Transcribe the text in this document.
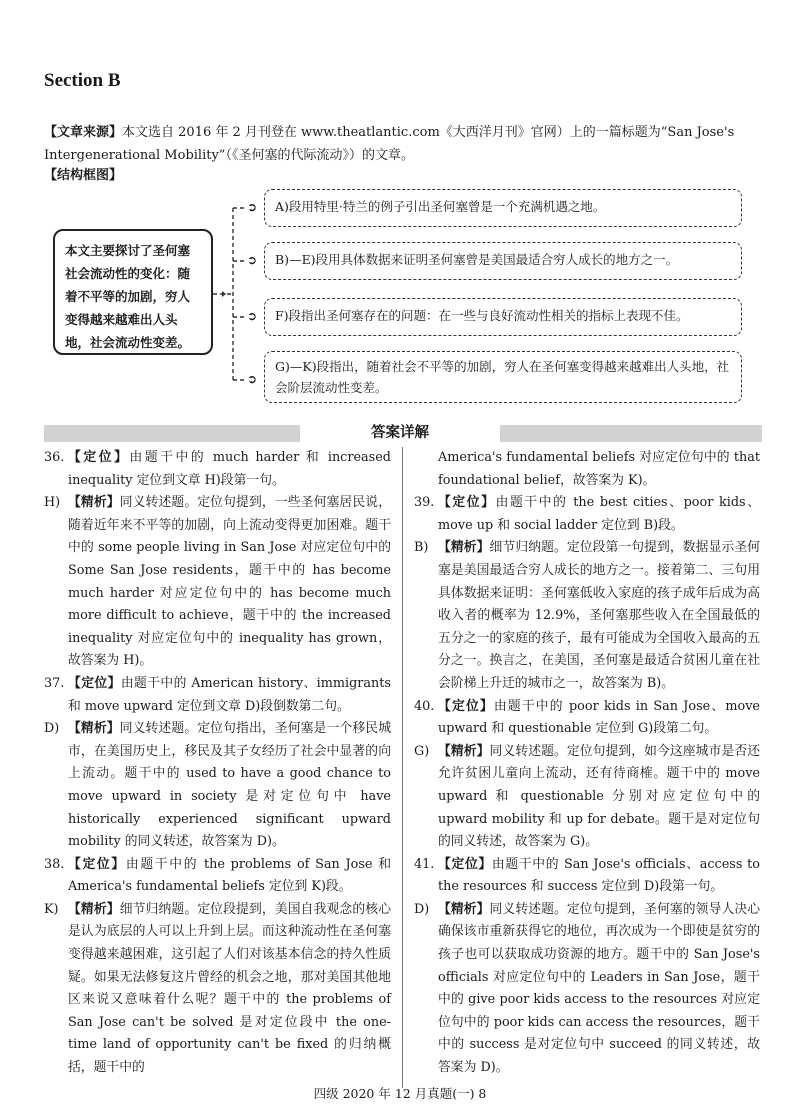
Section B
【文章来源】本文选自 2016 年 2 月刊登在 www.theatlantic.com《大西洋月刊》官网）上的一篇标题为“San Jose's Intergenerational Mobility”（《圣何塞的代际流动》）的文章。
【结构框图】
➲
➲
➲
➲
本文主要探讨了圣何塞社会流动性的变化：随着不平等的加剧，穷人变得越来越难出人头地，社会流动性变差。
A)段用特里·特兰的例子引出圣何塞曾是一个充满机遇之地。
B)—E)段用具体数据来证明圣何塞曾是美国最适合穷人成长的地方之一。
F)段指出圣何塞存在的问题：在一些与良好流动性相关的指标上表现不佳。
G)—K)段指出，随着社会不平等的加剧，穷人在圣何塞变得越来越难出人头地，社会阶层流动性变差。
答案详解

36. 【定位】由题干中的 much harder 和 increased inequality 定位到文章 H)段第一句。

H) 【精析】同义转述题。定位句提到，一些圣何塞居民说，随着近年来不平等的加剧，向上流动变得更加困难。题干中的 some people living in San Jose 对应定位句中的 Some San Jose residents，题干中的 has become much harder 对应定位句中的 has become much more difficult to achieve，题干中的 the increased inequality 对应定位句中的 inequality has grown，故答案为 H)。

37. 【定位】由题干中的 American history、immigrants 和 move upward 定位到文章 D)段倒数第二句。

D) 【精析】同义转述题。定位句指出，圣何塞是一个移民城市，在美国历史上，移民及其子女经历了社会中显著的向上流动。题干中的 used to have a good chance to move upward in society 是对定位句中 have historically experienced significant upward mobility 的同义转述，故答案为 D)。

38. 【定位】由题干中的 the problems of San Jose 和 America's fundamental beliefs 定位到 K)段。

K) 【精析】细节归纳题。定位段提到，美国自我观念的核心是认为底层的人可以上升到上层。而这种流动性在圣何塞变得越来越困难，这引起了人们对该基本信念的持久性质疑。如果无法修复这片曾经的机会之地，那对美国其他地区来说又意味着什么呢？题干中的 the problems of San Jose can't be solved 是对定位段中 the one-time land of opportunity can't be fixed 的归纳概括，题干中的

America's fundamental beliefs 对应定位句中的 that foundational belief，故答案为 K)。

39. 【定位】由题干中的 the best cities、poor kids、move up 和 social ladder 定位到 B)段。

B) 【精析】细节归纳题。定位段第一句提到，数据显示圣何塞是美国最适合穷人成长的地方之一。接着第二、三句用具体数据来证明：圣何塞低收入家庭的孩子成年后成为高收入者的概率为 12.9%，圣何塞那些收入在全国最低的五分之一的家庭的孩子，最有可能成为全国收入最高的五分之一。换言之，在美国，圣何塞是最适合贫困儿童在社会阶梯上升迁的城市之一，故答案为 B)。

40. 【定位】由题干中的 poor kids in San Jose、move upward 和 questionable 定位到 G)段第二句。

G) 【精析】同义转述题。定位句提到，如今这座城市是否还允许贫困儿童向上流动，还有待商榷。题干中的 move upward 和 questionable 分别对应定位句中的 upward mobility 和 up for debate。题干是对定位句的同义转述，故答案为 G)。

41. 【定位】由题干中的 San Jose's officials、access to the resources 和 success 定位到 D)段第一句。

D) 【精析】同义转述题。定位句提到，圣何塞的领导人决心确保该市重新获得它的地位，再次成为一个即使是贫穷的孩子也可以获取成功资源的地方。题干中的 San Jose's officials 对应定位句中的 Leaders in San Jose，题干中的 give poor kids access to the resources 对应定位句中的 poor kids can access the resources，题干中的 success 是对定位句中 succeed 的同义转述，故答案为 D)。

四级 2020 年 12 月真题(一) 8
